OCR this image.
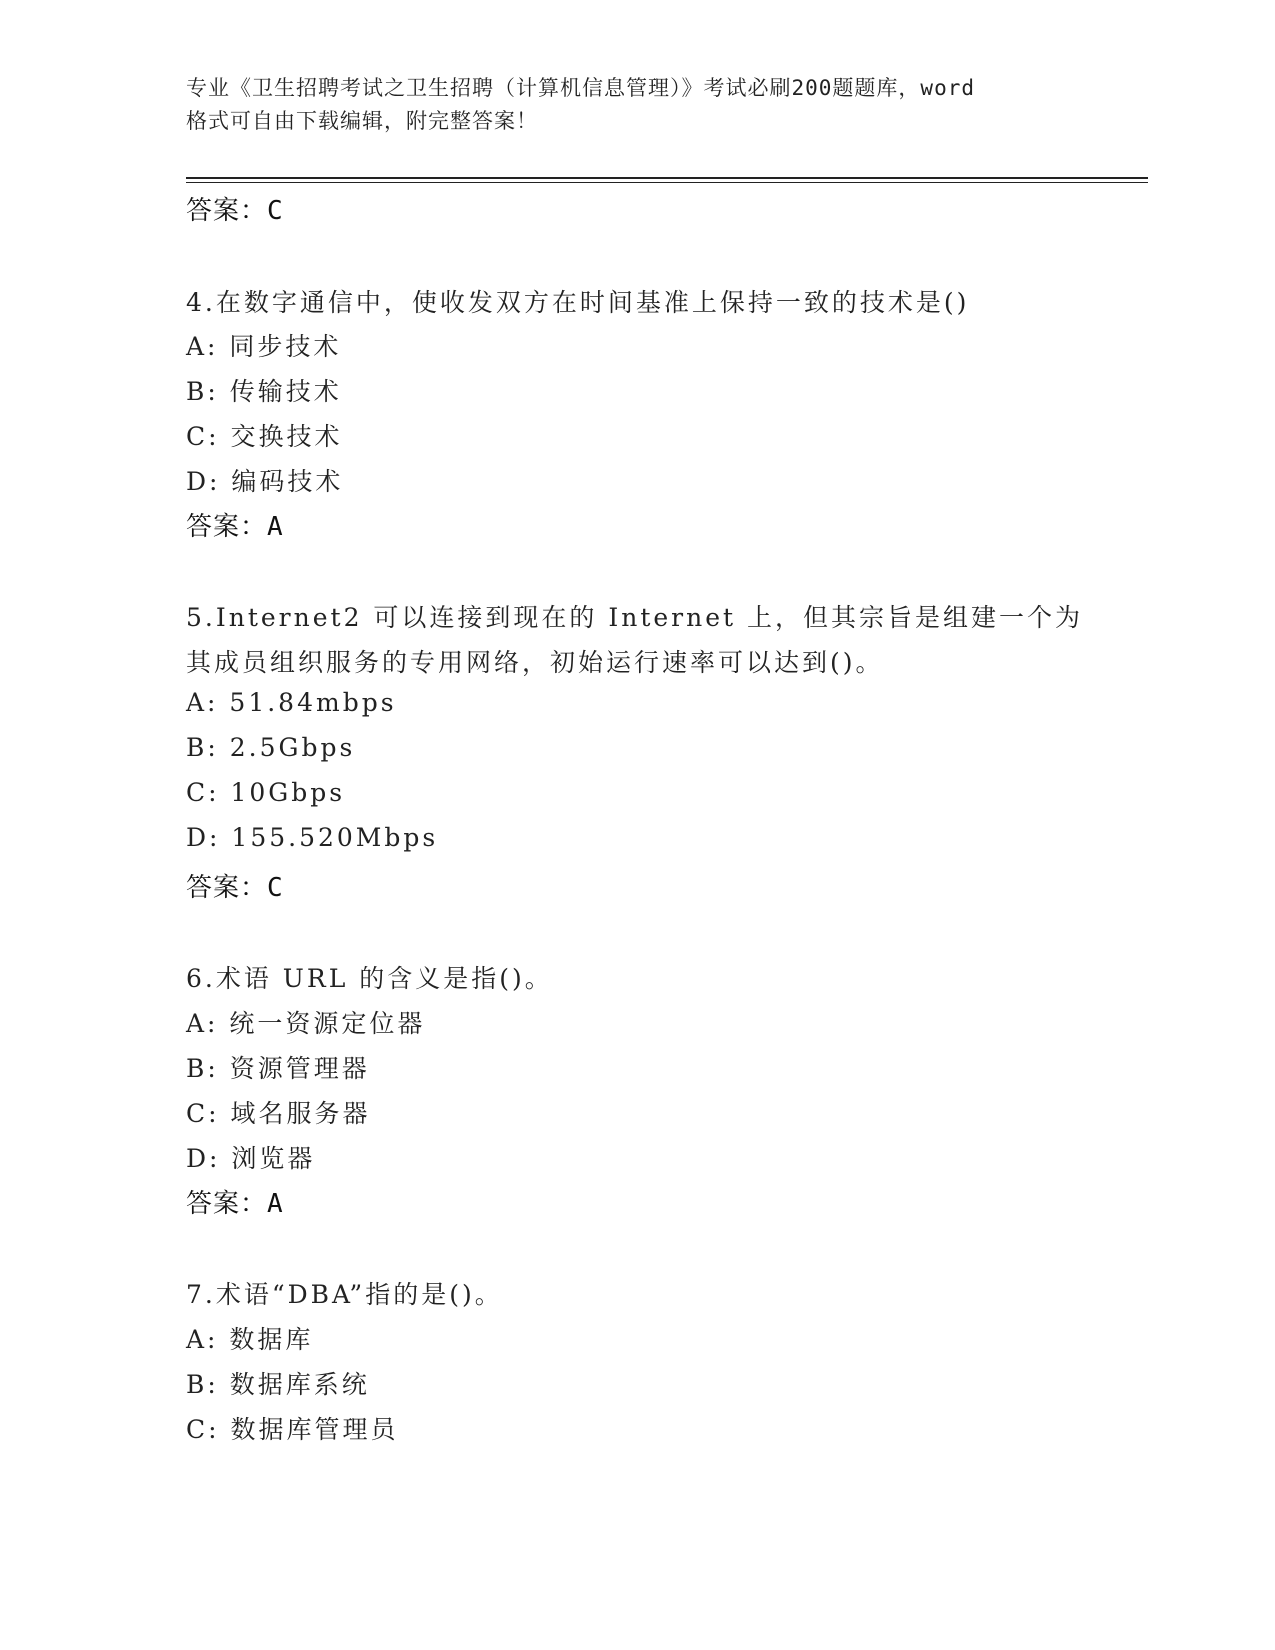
专业《卫生招聘考试之卫生招聘（计算机信息管理）》考试必刷200题题库，word
格式可自由下载编辑，附完整答案！
答案：C
4.在数字通信中，使收发双方在时间基准上保持一致的技术是()
A: 同步技术
B: 传输技术
C: 交换技术
D: 编码技术
答案：A
5.Internet2 可以连接到现在的 Internet 上，但其宗旨是组建一个为
其成员组织服务的专用网络，初始运行速率可以达到()。
A: 51.84mbps
B: 2.5Gbps
C: 10Gbps
D: 155.520Mbps
答案：C
6.术语 URL 的含义是指()。
A: 统一资源定位器
B: 资源管理器
C: 域名服务器
D: 浏览器
答案：A
7.术语“DBA”指的是()。
A: 数据库
B: 数据库系统
C: 数据库管理员
